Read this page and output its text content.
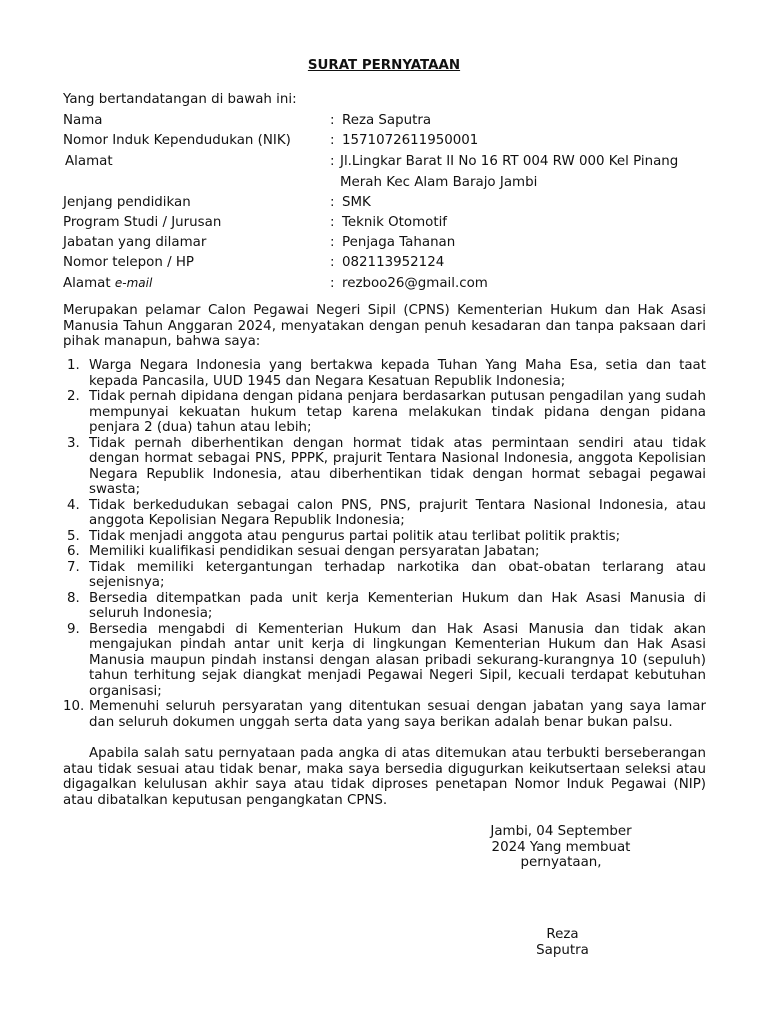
SURAT PERNYATAAN
Yang bertandatangan di bawah ini:
Nama	: Reza Saputra
Nomor Induk Kependudukan (NIK)	: 1571072611950001
Alamat	: Jl.Lingkar Barat II No 16 RT 004 RW 000 Kel Pinang
Merah Kec Alam Barajo Jambi
Jenjang pendidikan	: SMK
Program Studi / Jurusan	: Teknik Otomotif
Jabatan yang dilamar	: Penjaga Tahanan
Nomor telepon / HP	: 082113952124
Alamat e-mail	: rezboo26@gmail.com
Merupakan pelamar Calon Pegawai Negeri Sipil (CPNS) Kementerian Hukum dan Hak Asasi Manusia Tahun Anggaran 2024, menyatakan dengan penuh kesadaran dan tanpa paksaan dari pihak manapun, bahwa saya:
1. Warga Negara Indonesia yang bertakwa kepada Tuhan Yang Maha Esa, setia dan taat kepada Pancasila, UUD 1945 dan Negara Kesatuan Republik Indonesia;
2. Tidak pernah dipidana dengan pidana penjara berdasarkan putusan pengadilan yang sudah mempunyai kekuatan hukum tetap karena melakukan tindak pidana dengan pidana penjara 2 (dua) tahun atau lebih;
3. Tidak pernah diberhentikan dengan hormat tidak atas permintaan sendiri atau tidak dengan hormat sebagai PNS, PPPK, prajurit Tentara Nasional Indonesia, anggota Kepolisian Negara Republik Indonesia, atau diberhentikan tidak dengan hormat sebagai pegawai swasta;
4. Tidak berkedudukan sebagai calon PNS, PNS, prajurit Tentara Nasional Indonesia, atau anggota Kepolisian Negara Republik Indonesia;
5. Tidak menjadi anggota atau pengurus partai politik atau terlibat politik praktis;
6. Memiliki kualifikasi pendidikan sesuai dengan persyaratan Jabatan;
7. Tidak memiliki ketergantungan terhadap narkotika dan obat-obatan terlarang atau sejenisnya;
8. Bersedia ditempatkan pada unit kerja Kementerian Hukum dan Hak Asasi Manusia di seluruh Indonesia;
9. Bersedia mengabdi di Kementerian Hukum dan Hak Asasi Manusia dan tidak akan mengajukan pindah antar unit kerja di lingkungan Kementerian Hukum dan Hak Asasi Manusia maupun pindah instansi dengan alasan pribadi sekurang-kurangnya 10 (sepuluh) tahun terhitung sejak diangkat menjadi Pegawai Negeri Sipil, kecuali terdapat kebutuhan organisasi;
10. Memenuhi seluruh persyaratan yang ditentukan sesuai dengan jabatan yang saya lamar dan seluruh dokumen unggah serta data yang saya berikan adalah benar bukan palsu.
Apabila salah satu pernyataan pada angka di atas ditemukan atau terbukti berseberangan atau tidak sesuai atau tidak benar, maka saya bersedia digugurkan keikutsertaan seleksi atau digagalkan kelulusan akhir saya atau tidak diproses penetapan Nomor Induk Pegawai (NIP) atau dibatalkan keputusan pengangkatan CPNS.
Jambi, 04 September
2024 Yang membuat
pernyataan,
Reza
Saputra
